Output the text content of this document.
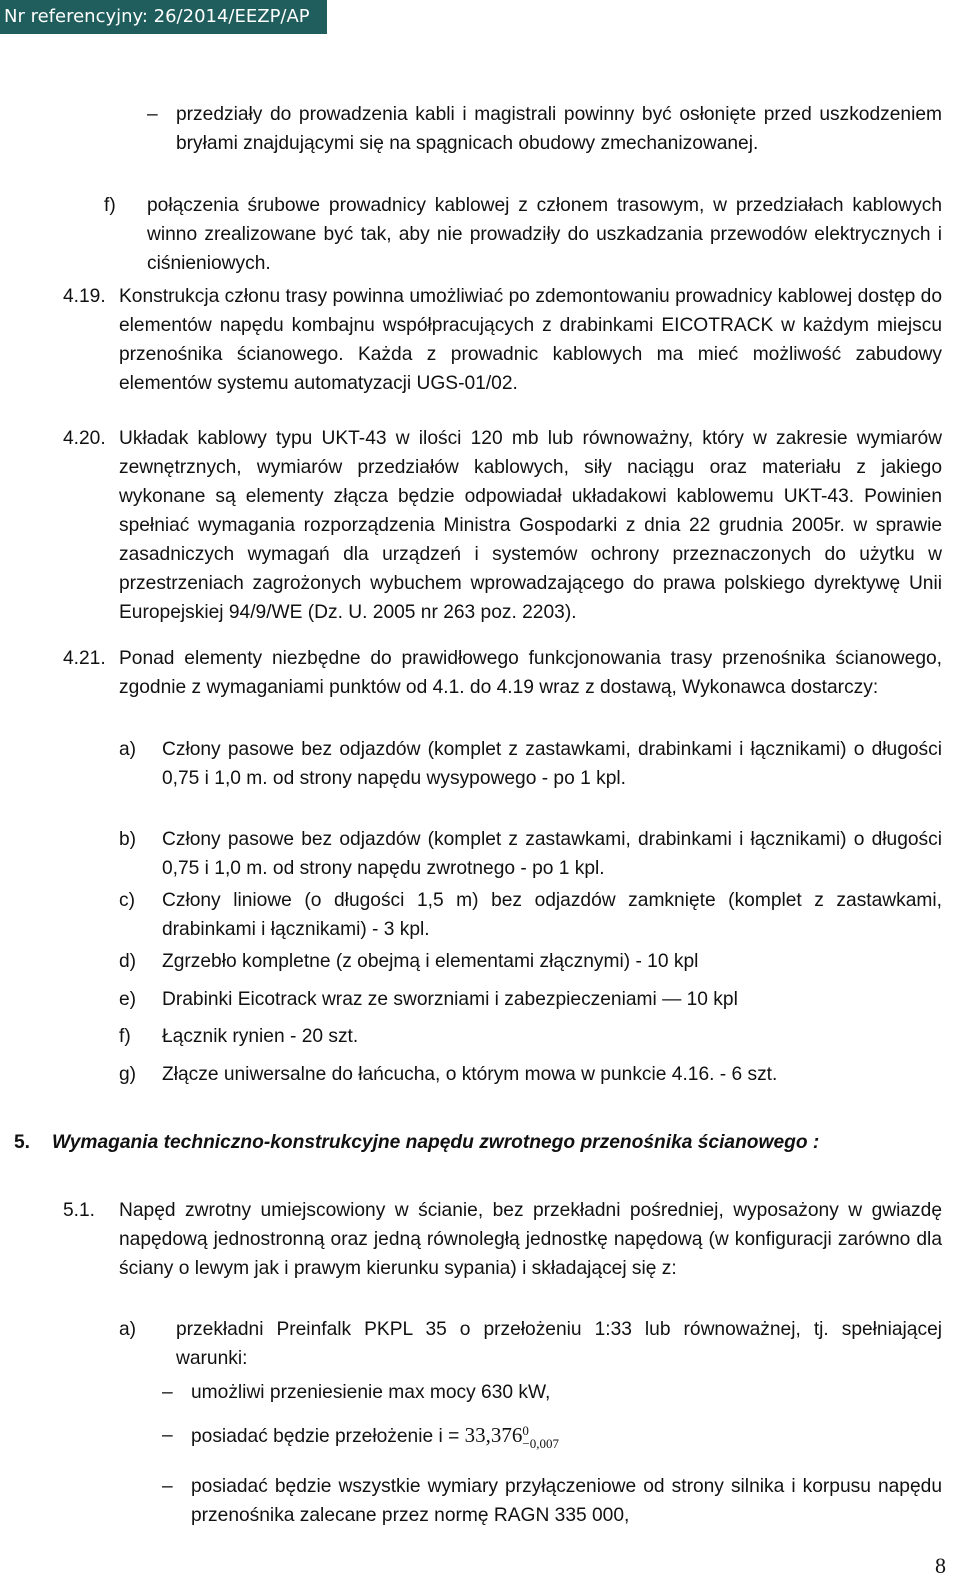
Nr referencyjny: 26/2014/EEZP/AP
– przedziały do prowadzenia kabli i magistrali powinny być osłonięte przed uszkodzeniem bryłami znajdującymi się na spągnicach obudowy zmechanizowanej.

f) połączenia śrubowe prowadnicy kablowej z członem trasowym, w przedziałach kablowych winno zrealizowane być tak, aby nie prowadziły do uszkadzania przewodów elektrycznych i ciśnieniowych.

4.19. Konstrukcja członu trasy powinna umożliwiać po zdemontowaniu prowadnicy kablowej dostęp do elementów napędu kombajnu współpracujących z drabinkami EICOTRACK w każdym miejscu przenośnika ścianowego. Każda z prowadnic kablowych ma mieć możliwość zabudowy elementów systemu automatyzacji UGS-01/02.

4.20. Układak kablowy typu UKT-43 w ilości 120 mb lub równoważny, który w zakresie wymiarów zewnętrznych, wymiarów przedziałów kablowych, siły naciągu oraz materiału z jakiego wykonane są elementy złącza będzie odpowiadał układakowi kablowemu UKT-43. Powinien spełniać wymagania rozporządzenia Ministra Gospodarki z dnia 22 grudnia 2005r. w sprawie zasadniczych wymagań dla urządzeń i systemów ochrony przeznaczonych do użytku w przestrzeniach zagrożonych wybuchem wprowadzającego do prawa polskiego dyrektywę Unii Europejskiej 94/9/WE (Dz. U. 2005 nr 263 poz. 2203).

4.21. Ponad elementy niezbędne do prawidłowego funkcjonowania trasy przenośnika ścianowego, zgodnie z wymaganiami punktów od 4.1. do 4.19 wraz z dostawą, Wykonawca dostarczy:

a) Człony pasowe bez odjazdów (komplet z zastawkami, drabinkami i łącznikami) o długości 0,75 i 1,0 m. od strony napędu wysypowego - po 1 kpl.

b) Człony pasowe bez odjazdów (komplet z zastawkami, drabinkami i łącznikami) o długości 0,75 i 1,0 m. od strony napędu zwrotnego - po 1 kpl.

c) Człony liniowe (o długości 1,5 m) bez odjazdów zamknięte (komplet z zastawkami, drabinkami i łącznikami) - 3 kpl.

d) Zgrzebło kompletne (z obejmą i elementami złącznymi) - 10 kpl

e) Drabinki Eicotrack wraz ze sworzniami i zabezpieczeniami — 10 kpl

f) Łącznik rynien - 20 szt.

g) Złącze uniwersalne do łańcucha, o którym mowa w punkcie 4.16. - 6 szt.

5. Wymagania techniczno-konstrukcyjne napędu zwrotnego przenośnika ścianowego :

5.1. Napęd zwrotny umiejscowiony w ścianie, bez przekładni pośredniej, wyposażony w gwiazdę napędową jednostronną oraz jedną równoległą jednostkę napędową (w konfiguracji zarówno dla ściany o lewym jak i prawym kierunku sypania) i składającej się z:

a) przekładni Preinfalk PKPL 35 o przełożeniu 1:33 lub równoważnej, tj. spełniającej warunki:

– umożliwi przeniesienie max mocy 630 kW,

– posiadać będzie przełożenie i = 33,376 0
−0,007

– posiadać będzie wszystkie wymiary przyłączeniowe od strony silnika i korpusu napędu przenośnika zalecane przez normę RAGN 335 000,

8
